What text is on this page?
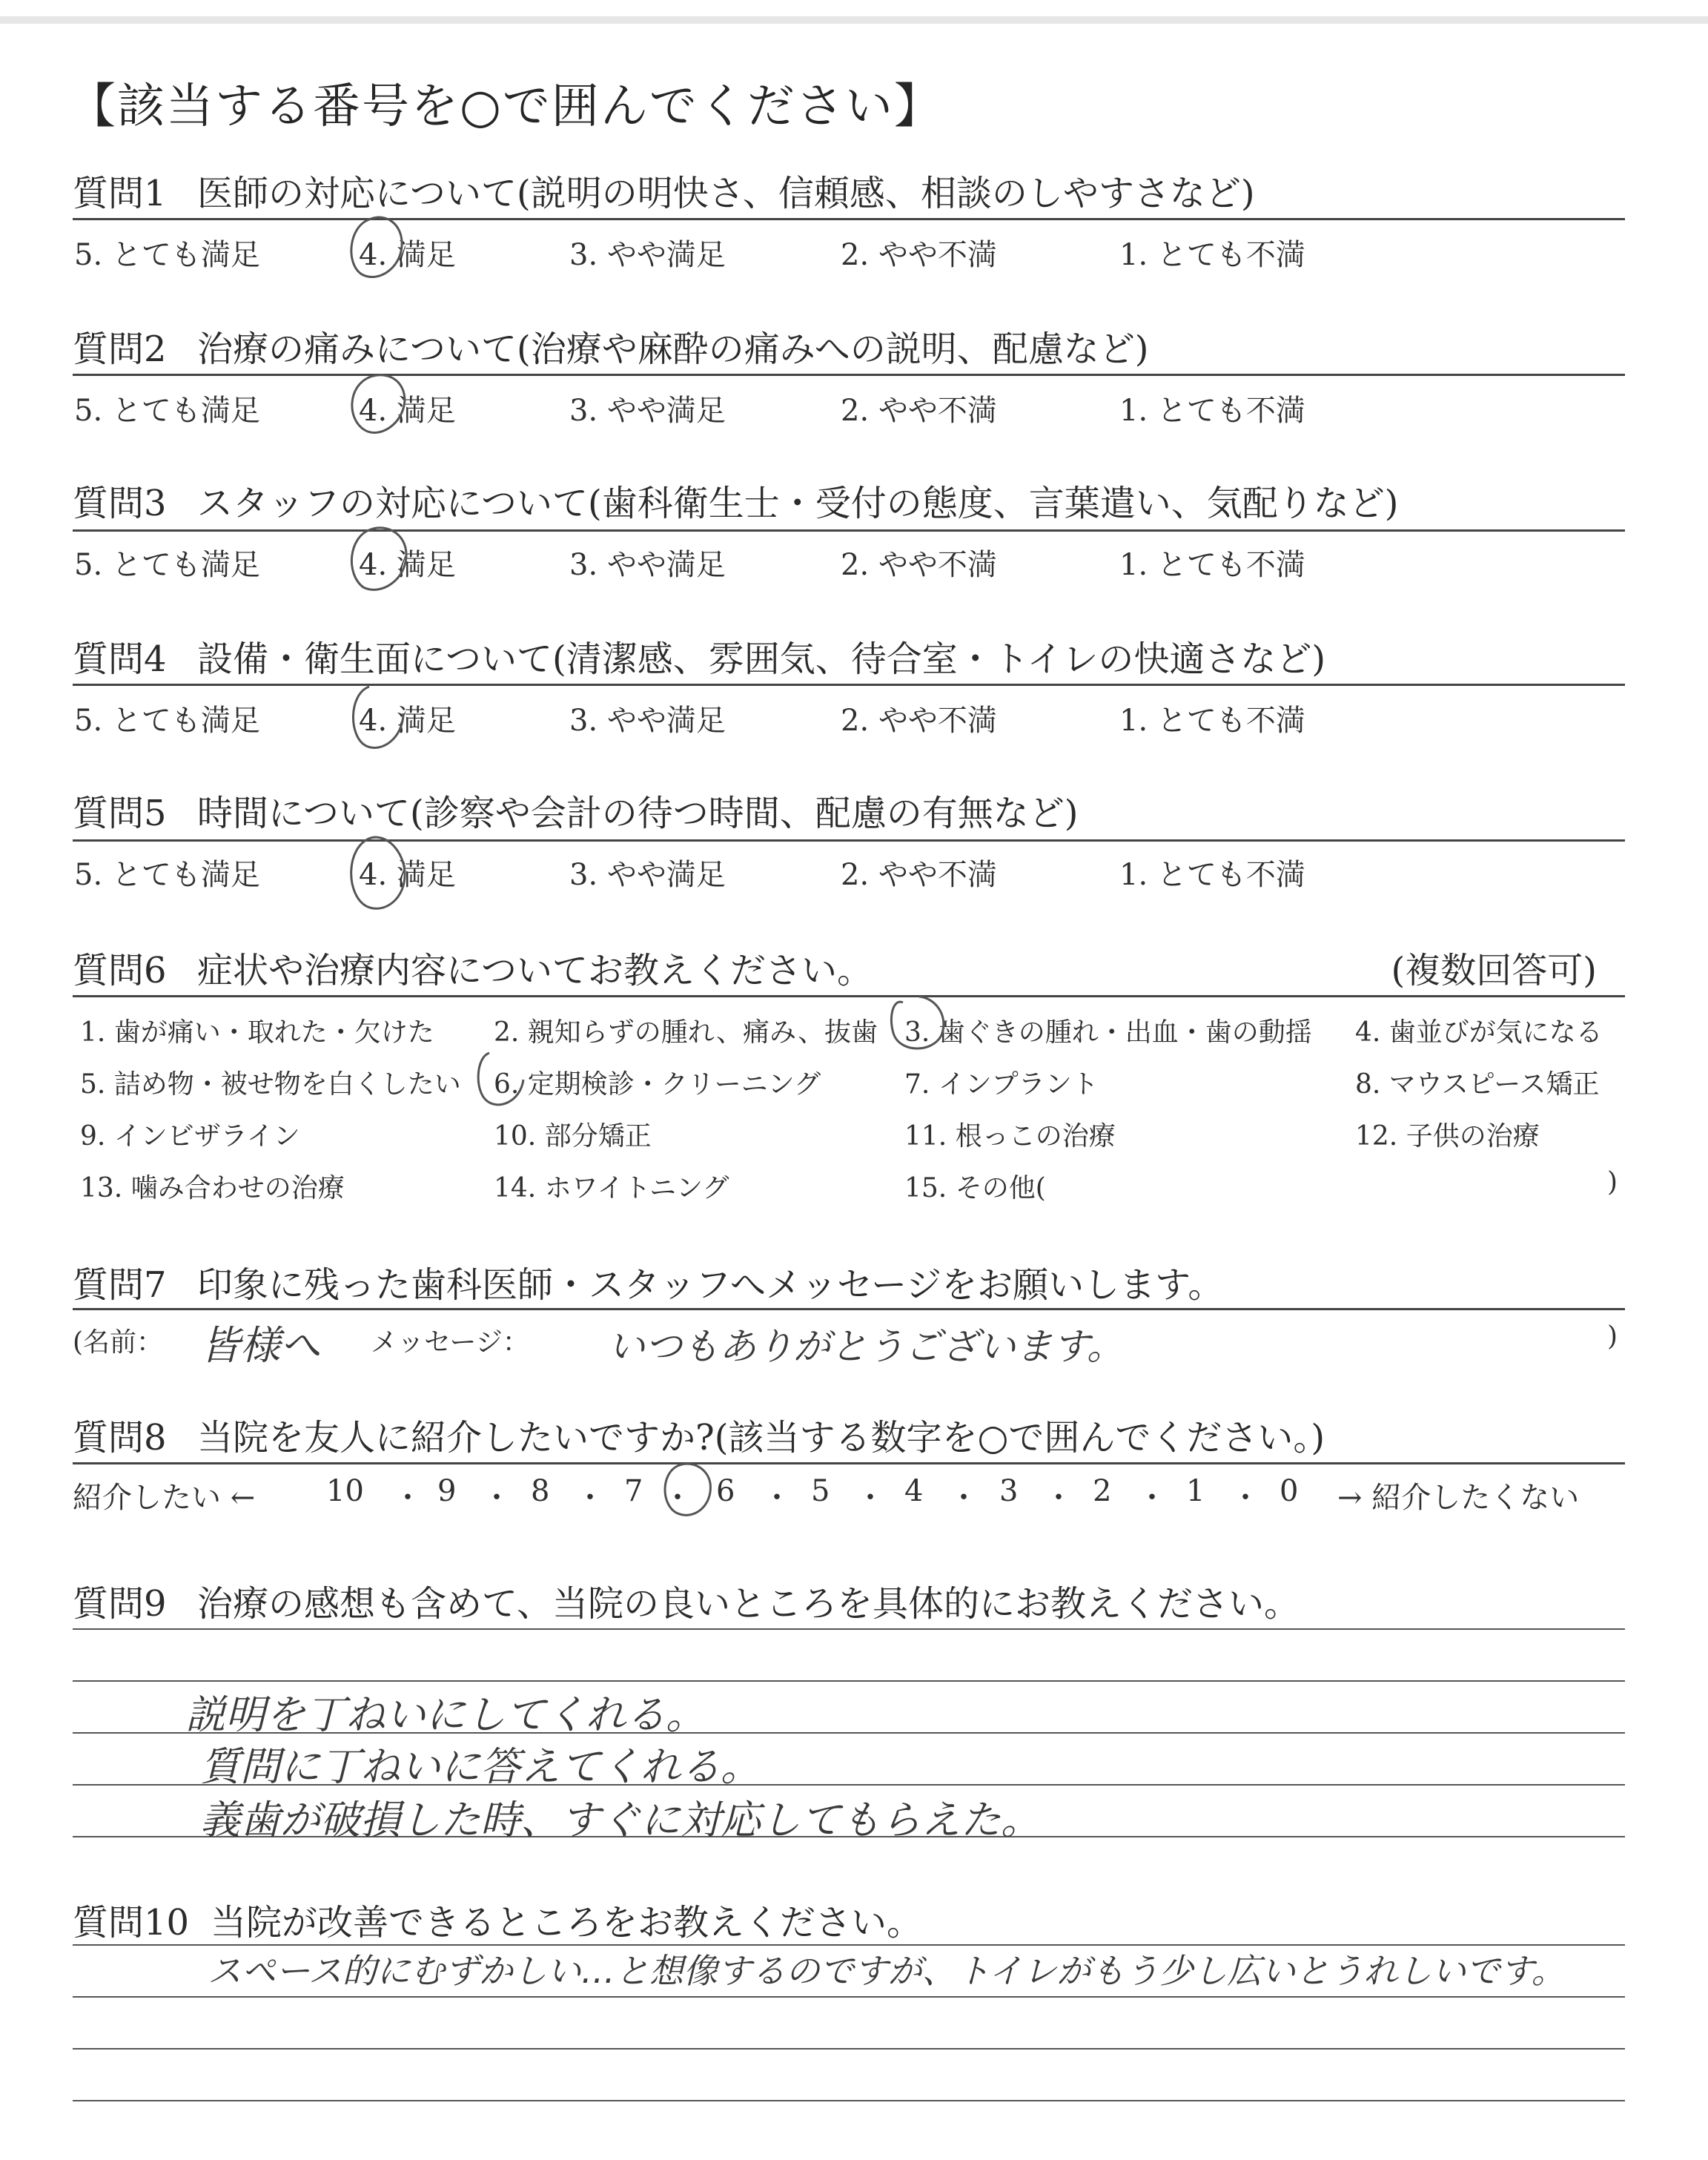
【該当する番号を○で囲んでください】
質問1 医師の対応について(説明の明快さ、信頼感、相談のしやすさなど)
5. とても満足	4. 満足	3. やや満足	2. やや不満	1. とても不満
質問2 治療の痛みについて(治療や麻酔の痛みへの説明、配慮など)
5. とても満足	4. 満足	3. やや満足	2. やや不満	1. とても不満
質問3 スタッフの対応について(歯科衛生士・受付の態度、言葉遣い、気配りなど)
5. とても満足	4. 満足	3. やや満足	2. やや不満	1. とても不満
質問4 設備・衛生面について(清潔感、雰囲気、待合室・トイレの快適さなど)
5. とても満足	4. 満足	3. やや満足	2. やや不満	1. とても不満
質問5 時間について(診察や会計の待つ時間、配慮の有無など)
5. とても満足	4. 満足	3. やや満足	2. やや不満	1. とても不満
質問6 症状や治療内容についてお教えください。	(複数回答可)
1. 歯が痛い・取れた・欠けた 2. 親知らずの腫れ、痛み、抜歯 3. 歯ぐきの腫れ・出血・歯の動揺 4. 歯並びが気になる
5. 詰め物・被せ物を白くしたい 6. 定期検診・クリーニング	7. インプラント	8. マウスピース矯正
9. インビザライン	10. 部分矯正	11. 根っこの治療	12. 子供の治療
13. 噛み合わせの治療	14. ホワイトニング	15. その他(	)
質問7 印象に残った歯科医師・スタッフへメッセージをお願いします。
(名前： 皆様へ メッセージ： いつもありがとうございます。	)
質問8 当院を友人に紹介したいですか?(該当する数字を○で囲んでください。)
紹介したい ← 10 ・ 9 ・ 8 ・ 7 ・ 6 ・ 5 ・ 4 ・ 3 ・ 2 ・ 1 ・ 0 → 紹介したくない
質問9 治療の感想も含めて、当院の良いところを具体的にお教えください。
説明を丁ねいにしてくれる。
質問に丁ねいに答えてくれる。
義歯が破損した時、すぐに対応してもらえた。
質問10 当院が改善できるところをお教えください。
スペース的にむずかしい…と想像するのですが、トイレがもう少し広いとうれしいです。
